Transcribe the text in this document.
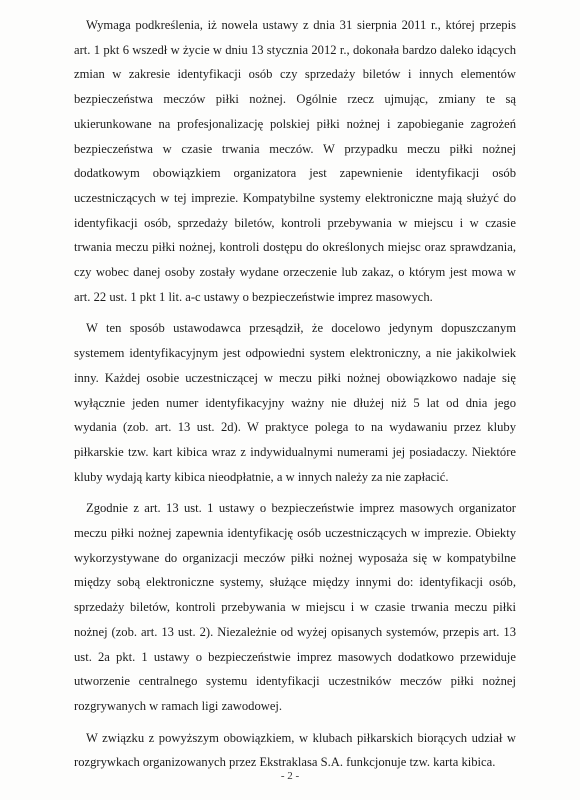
Wymaga podkreślenia, iż nowela ustawy z dnia 31 sierpnia 2011 r., której przepis art. 1 pkt 6 wszedł w życie w dniu 13 stycznia 2012 r., dokonała bardzo daleko idących zmian w zakresie identyfikacji osób czy sprzedaży biletów i innych elementów bezpieczeństwa meczów piłki nożnej. Ogólnie rzecz ujmując, zmiany te są ukierunkowane na profesjonalizację polskiej piłki nożnej i zapobieganie zagrożeń bezpieczeństwa w czasie trwania meczów. W przypadku meczu piłki nożnej dodatkowym obowiązkiem organizatora jest zapewnienie identyfikacji osób uczestniczących w tej imprezie. Kompatybilne systemy elektroniczne mają służyć do identyfikacji osób, sprzedaży biletów, kontroli przebywania w miejscu i w czasie trwania meczu piłki nożnej, kontroli dostępu do określonych miejsc oraz sprawdzania, czy wobec danej osoby zostały wydane orzeczenie lub zakaz, o którym jest mowa w art. 22 ust. 1 pkt 1 lit. a-c ustawy o bezpieczeństwie imprez masowych.

W ten sposób ustawodawca przesądził, że docelowo jedynym dopuszczanym systemem identyfikacyjnym jest odpowiedni system elektroniczny, a nie jakikolwiek inny. Każdej osobie uczestniczącej w meczu piłki nożnej obowiązkowo nadaje się wyłącznie jeden numer identyfikacyjny ważny nie dłużej niż 5 lat od dnia jego wydania (zob. art. 13 ust. 2d). W praktyce polega to na wydawaniu przez kluby piłkarskie tzw. kart kibica wraz z indywidualnymi numerami jej posiadaczy. Niektóre kluby wydają karty kibica nieodpłatnie, a w innych należy za nie zapłacić.

Zgodnie z art. 13 ust. 1 ustawy o bezpieczeństwie imprez masowych organizator meczu piłki nożnej zapewnia identyfikację osób uczestniczących w imprezie. Obiekty wykorzystywane do organizacji meczów piłki nożnej wyposaża się w kompatybilne między sobą elektroniczne systemy, służące między innymi do: identyfikacji osób, sprzedaży biletów, kontroli przebywania w miejscu i w czasie trwania meczu piłki nożnej (zob. art. 13 ust. 2). Niezależnie od wyżej opisanych systemów, przepis art. 13 ust. 2a pkt. 1 ustawy o bezpieczeństwie imprez masowych dodatkowo przewiduje utworzenie centralnego systemu identyfikacji uczestników meczów piłki nożnej rozgrywanych w ramach ligi zawodowej.

W związku z powyższym obowiązkiem, w klubach piłkarskich biorących udział w rozgrywkach organizowanych przez Ekstraklasa S.A. funkcjonuje tzw. karta kibica.

- 2 -
